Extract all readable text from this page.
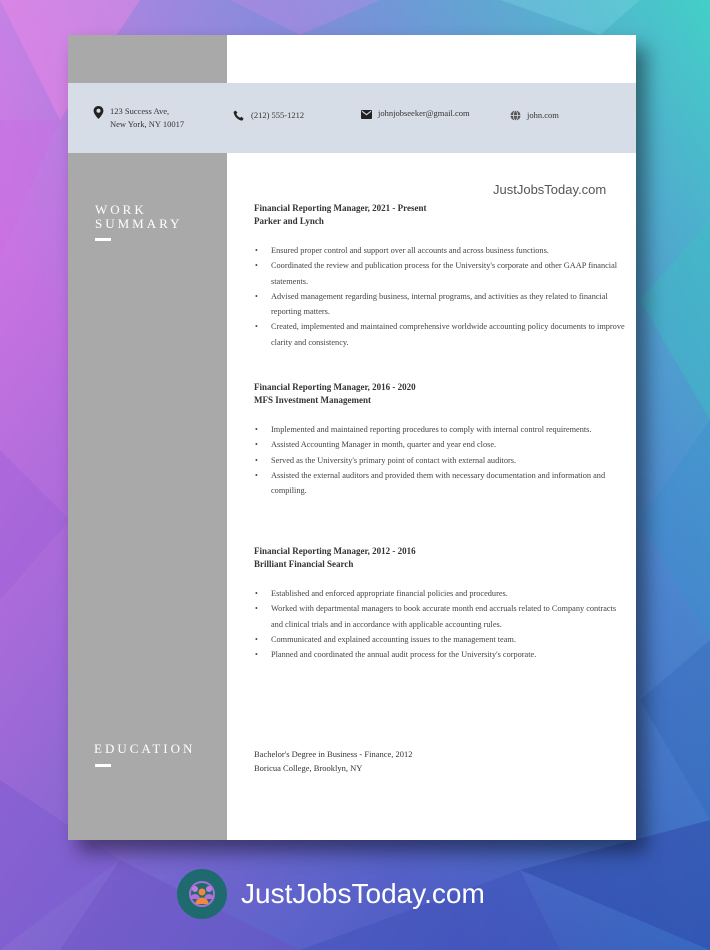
123 Success Ave,
New York, NY 10017
(212) 555-1212	johnjobseeker@gmail.com	john.com
JustJobsToday.com
WORK
SUMMARY
Financial Reporting Manager, 2021 - Present
Parker and Lynch
• Ensured proper control and support over all accounts and across business functions.
• Coordinated the review and publication process for the University's corporate and other GAAP financial statements.
• Advised management regarding business, internal programs, and activities as they related to financial reporting matters.
• Created, implemented and maintained comprehensive worldwide accounting policy documents to improve clarity and consistency.
Financial Reporting Manager, 2016 - 2020
MFS Investment Management
• Implemented and maintained reporting procedures to comply with internal control requirements.
• Assisted Accounting Manager in month, quarter and year end close.
• Served as the University's primary point of contact with external auditors.
• Assisted the external auditors and provided them with necessary documentation and information and compiling.
Financial Reporting Manager, 2012 - 2016
Brilliant Financial Search
• Established and enforced appropriate financial policies and procedures.
• Worked with departmental managers to book accurate month end accruals related to Company contracts and clinical trials and in accordance with applicable accounting rules.
• Communicated and explained accounting issues to the management team.
• Planned and coordinated the annual audit process for the University's corporate.
EDUCATION	Bachelor's Degree in Business - Finance, 2012
Boricua College, Brooklyn, NY
JustJobsToday.com
